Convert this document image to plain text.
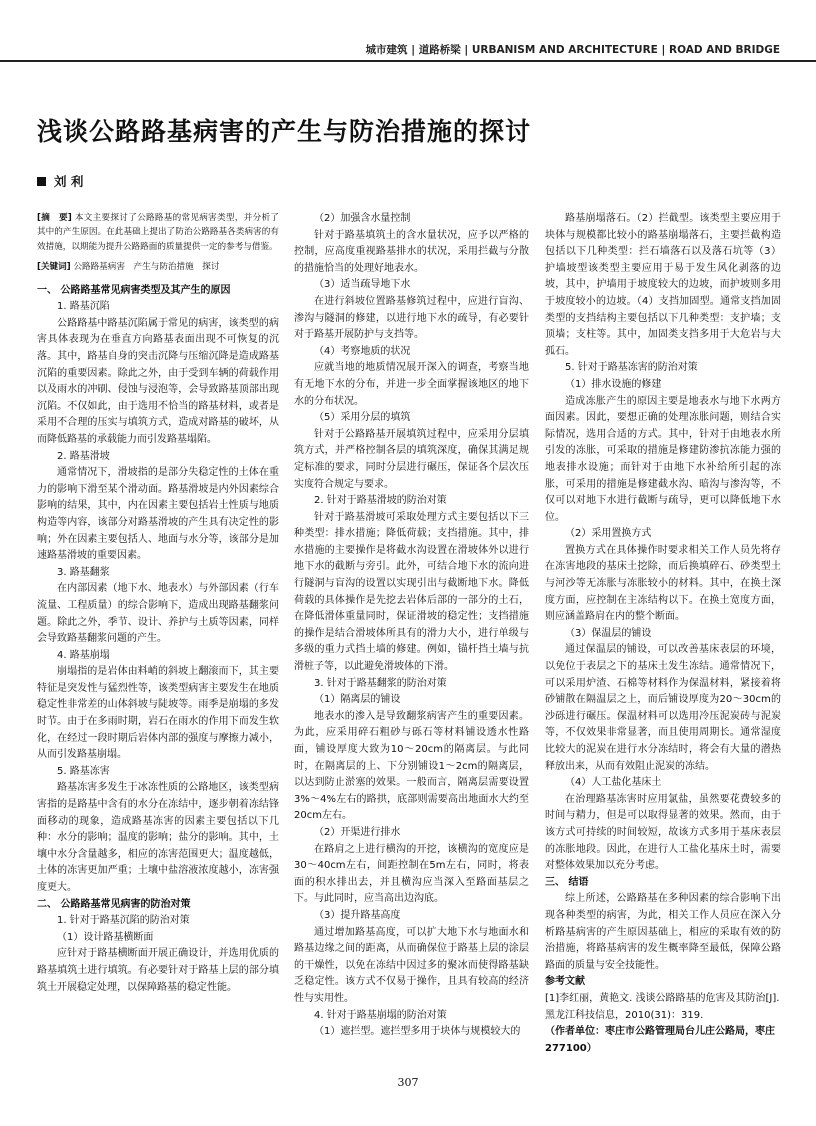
城市建筑 | 道路桥梁 | URBANISM AND ARCHITECTURE | ROAD AND BRIDGE
浅谈公路路基病害的产生与防治措施的探讨
刘 利

[摘　要] 本文主要探讨了公路路基的常见病害类型，并分析了其中的产生原因。在此基础上提出了防治公路路基各类病害的有效措施，以期能为提升公路路面的质量提供一定的参考与借鉴。

[关键词] 公路路基病害　产生与防治措施　探讨

一、 公路路基常见病害类型及其产生的原因

1. 路基沉陷

公路路基中路基沉陷属于常见的病害，该类型的病害具体表现为在垂直方向路基表面出现不可恢复的沉落。其中，路基自身的突击沉降与压缩沉降是造成路基沉陷的重要因素。除此之外，由于受到车辆的荷载作用以及雨水的冲刷、侵蚀与浸泡等，会导致路基顶部出现沉陷。不仅如此，由于选用不恰当的路基材料，或者是采用不合理的压实与填筑方式，造成对路基的破坏，从而降低路基的承载能力而引发路基塌陷。

2. 路基滑坡

通常情况下，滑坡指的是部分失稳定性的土体在重力的影响下滑至某个滑动面。路基滑坡是内外因素综合影响的结果，其中，内在因素主要包括岩土性质与地质构造等内容，该部分对路基滑坡的产生具有决定性的影响；外在因素主要包括人、地面与水分等，该部分是加速路基滑坡的重要因素。

3. 路基翻浆

在内部因素（地下水、地表水）与外部因素（行车流量、工程质量）的综合影响下，造成出现路基翻浆问题。除此之外，季节、设计、养护与土质等因素，同样会导致路基翻浆问题的产生。

4. 路基崩塌

崩塌指的是岩体由料峭的斜坡上翻滚而下，其主要特征是突发性与猛烈性等，该类型病害主要发生在地质稳定性非常差的山体斜坡与陡坡等。雨季是崩塌的多发时节。由于在多雨时期，岩石在雨水的作用下而发生软化，在经过一段时期后岩体内部的强度与摩擦力减小，从而引发路基崩塌。

5. 路基冻害

路基冻害多发生于冰冻性质的公路地区，该类型病害指的是路基中含有的水分在冻结中，逐步朝着冻结锋面移动的现象，造成路基冻害的因素主要包括以下几种：水分的影响；温度的影响；盐分的影响。其中，土壤中水分含量越多，相应的冻害范围更大；温度越低，土体的冻害更加严重；土壤中盐溶液浓度越小，冻害强度更大。

二、 公路路基常见病害的防治对策

1. 针对于路基沉陷的防治对策

（1）设计路基横断面

应针对于路基横断面开展正确设计，并选用优质的路基填筑土进行填筑。有必要针对于路基上层的部分填筑土开展稳定处理，以保障路基的稳定性能。

（2）加强含水量控制

针对于路基填筑土的含水量状况，应予以严格的控制，应高度重视路基排水的状况，采用拦截与分散的措施恰当的处理好地表水。

（3）适当疏导地下水

在进行斜坡位置路基修筑过程中，应进行盲沟、渗沟与隧洞的修建，以进行地下水的疏导，有必要针对于路基开展防护与支挡等。

（4）考察地质的状况

应就当地的地质情况展开深入的调查，考察当地有无地下水的分布，并进一步全面掌握该地区的地下水的分布状况。

（5）采用分层的填筑

针对于公路路基开展填筑过程中，应采用分层填筑方式，并严格控制各层的填筑深度，确保其满足规定标准的要求，同时分层进行碾压，保证各个层次压实度符合规定与要求。

2. 针对于路基滑坡的防治对策

针对于路基滑坡可采取处理方式主要包括以下三种类型：排水措施；降低荷载；支挡措施。其中，排水措施的主要操作是将截水沟设置在滑坡体外以进行地下水的截断与旁引。此外，可结合地下水的流向进行隧洞与盲沟的设置以实现引出与截断地下水。降低荷载的具体操作是先挖去岩体后部的一部分的土石，在降低滑体重量同时，保证滑坡的稳定性；支挡措施的操作是结合滑坡体所具有的滑力大小，进行单级与多级的重力式挡土墙的修建。例如，锚杆挡土墙与抗滑桩子等，以此避免滑坡体的下滑。

3. 针对于路基翻浆的防治对策

（1）隔离层的铺设

地表水的渗入是导致翻浆病害产生的重要因素。为此，应采用碎石粗砂与砾石等材料铺设透水性路面，铺设厚度大致为10～20cm的隔离层。与此同时，在隔离层的上、下分别铺设1～2cm的隔离层，以达到防止淤塞的效果。一般而言，隔离层需要设置3%～4%左右的路拱，底部则需要高出地面水大约至20cm左右。

（2）开渠进行排水

在路肩之上进行横沟的开挖，该横沟的宽度应是30～40cm左右，间距控制在5m左右，同时，将表面的积水排出去，并且横沟应当深入至路面基层之下。与此同时，应当高出边沟底。

（3）提升路基高度

通过增加路基高度，可以扩大地下水与地面水和路基边缘之间的距离，从而确保位于路基上层的涂层的干燥性，以免在冻结中因过多的聚冰而使得路基缺乏稳定性。该方式不仅易于操作，且具有较高的经济性与实用性。

4. 针对于路基崩塌的防治对策

（1）遮拦型。遮拦型多用于块体与规模较大的

路基崩塌落石。（2）拦截型。该类型主要应用于块体与规模都比较小的路基崩塌落石，主要拦截构造包括以下几种类型：拦石墙落石以及落石坑等（3）护墙坡型该类型主要应用于易于发生风化剥落的边坡，其中，护墙用于坡度较大的边坡，而护坡则多用于坡度较小的边坡。（4）支挡加固型。通常支挡加固类型的支挡结构主要包括以下几种类型：支护墙；支顶墙；支柱等。其中，加固类支挡多用于大危岩与大孤石。

5. 针对于路基冻害的防治对策

（1）排水设施的修建

造成冻胀产生的原因主要是地表水与地下水两方面因素。因此，要想正确的处理冻胀问题，则结合实际情况，选用合适的方式。其中，针对于由地表水所引发的冻胀，可采取的措施是修建防渗抗冻能力强的地表排水设施；而针对于由地下水补给所引起的冻胀，可采用的措施是修建截水沟、暗沟与渗沟等，不仅可以对地下水进行截断与疏导，更可以降低地下水位。

（2）采用置换方式

置换方式在具体操作时要求相关工作人员先将存在冻害地段的基床土挖除，而后换填碎石、砂类型土与河沙等无冻胀与冻胀较小的材料。其中，在换土深度方面，应控制在主冻结构以下。在换土宽度方面，则应涵盖路肩在内的整个断面。

（3）保温层的铺设

通过保温层的铺设，可以改善基床表层的环境，以免位于表层之下的基床土发生冻结。通常情况下，可以采用炉渣、石棉等材料作为保温材料，紧接着将砂铺散在隔温层之上，而后铺设厚度为20～30cm的沙砾进行碾压。保温材料可以选用冷压泥炭砖与泥炭等，不仅效果非常显著，而且使用周期长。通常湿度比较大的泥炭在进行水分冻结时，将会有大量的潜热释放出来，从而有效阻止泥炭的冻结。

（4）人工盐化基床土

在治理路基冻害时应用氯盐，虽然要花费较多的时间与精力，但是可以取得显著的效果。然而，由于该方式可持续的时间较短，故该方式多用于基床表层的冻胀地段。因此，在进行人工盐化基床土时，需要对整体效果加以充分考虑。

三、 结语

综上所述，公路路基在多种因素的综合影响下出现各种类型的病害，为此，相关工作人员应在深入分析路基病害的产生原因基础上，相应的采取有效的防治措施，将路基病害的发生概率降至最低，保障公路路面的质量与安全技能性。

参考文献

[1]李红丽，黄艳文. 浅谈公路路基的危害及其防治[J]. 黑龙江科技信息，2010(31)：319.

（作者单位：枣庄市公路管理局台儿庄公路局，枣庄 277100）

307
